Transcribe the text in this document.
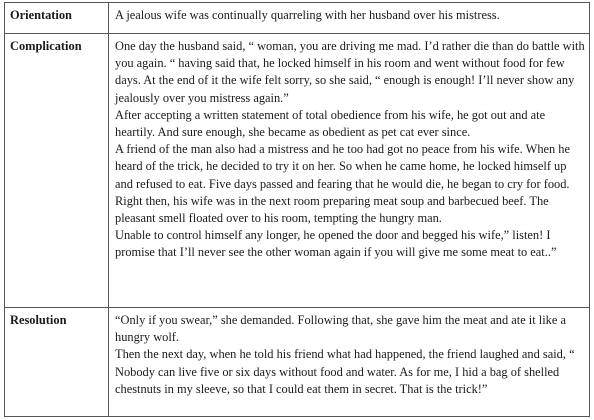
Orientation	A jealous wife was continually quarreling with her husband over his mistress.

Complication	One day the husband said, “ woman, you are driving me mad. I’d rather die than do battle with you again. “ having said that, he locked himself in his room and went without food for few days. At the end of it the wife felt sorry, so she said, “ enough is enough! I’ll never show any jealously over you mistress again.”
After accepting a written statement of total obedience from his wife, he got out and ate heartily. And sure enough, she became as obedient as pet cat ever since.
A friend of the man also had a mistress and he too had got no peace from his wife. When he heard of the trick, he decided to try it on her. So when he came home, he locked himself up and refused to eat. Five days passed and fearing that he would die, he began to cry for food. Right then, his wife was in the next room preparing meat soup and barbecued beef. The pleasant smell floated over to his room, tempting the hungry man.
Unable to control himself any longer, he opened the door and begged his wife,” listen! I promise that I’ll never see the other woman again if you will give me some meat to eat..”

Resolution	“Only if you swear,” she demanded. Following that, she gave him the meat and ate it like a hungry wolf.
Then the next day, when he told his friend what had happened, the friend laughed and said, “ Nobody can live five or six days without food and water. As for me, I hid a bag of shelled chestnuts in my sleeve, so that I could eat them in secret. That is the trick!”
